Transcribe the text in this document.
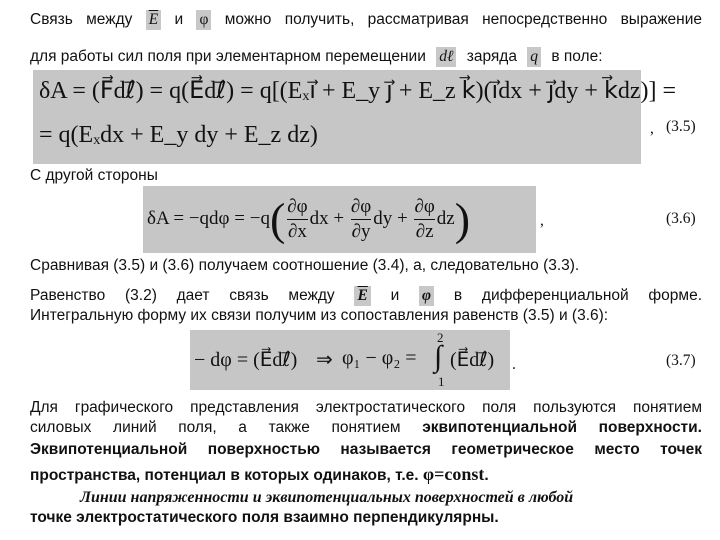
Связь между $\overline{E}$ и φ можно получить, рассматривая непосредственно выражение
для работы сил поля при элементарном перемещении dℓ заряда q в поле:
δA = (F⃗dℓ⃗) = q(E⃗dℓ⃗) = q[(Eₓi⃗ + E_y j⃗ + E_z k⃗)(i⃗dx + j⃗dy + k⃗dz)] =
= q(Eₓdx + E_y dy + E_z dz)	, (3.5)
С другой стороны
$\delta A = -qd\varphi = -q( \frac{\partial\varphi}{\partial x}$ dx + $\frac{\partial\varphi}{\partial y}$ dy + $\frac{\partial\varphi}{\partial z} dz$)	,	(3.6)
Сравнивая (3.5) и (3.6) получаем соотношение (3.4), а, следовательно (3.3).
Равенство (3.2) дает связь между $\overline{E}$ и φ в дифференциальной форме.
Интегральную форму их связи получим из сопоставления равенств (3.5) и (3.6):
− dφ = (E⃗dℓ⃗) ⇒ φ₁ − φ₂ =
2
∫
1
(E⃗dℓ⃗) .	(3.7)
Для графического представления электростатического поля пользуются понятием
силовых линий поля, а также понятием эквипотенциальной поверхности.
Эквипотенциальной поверхностью называется геометрическое место точек
пространства, потенциал в которых одинаков, т.е. φ=const.
Линии напряженности и эквипотенциальных поверхностей в любой
точке электростатического поля взаимно перпендикулярны.
